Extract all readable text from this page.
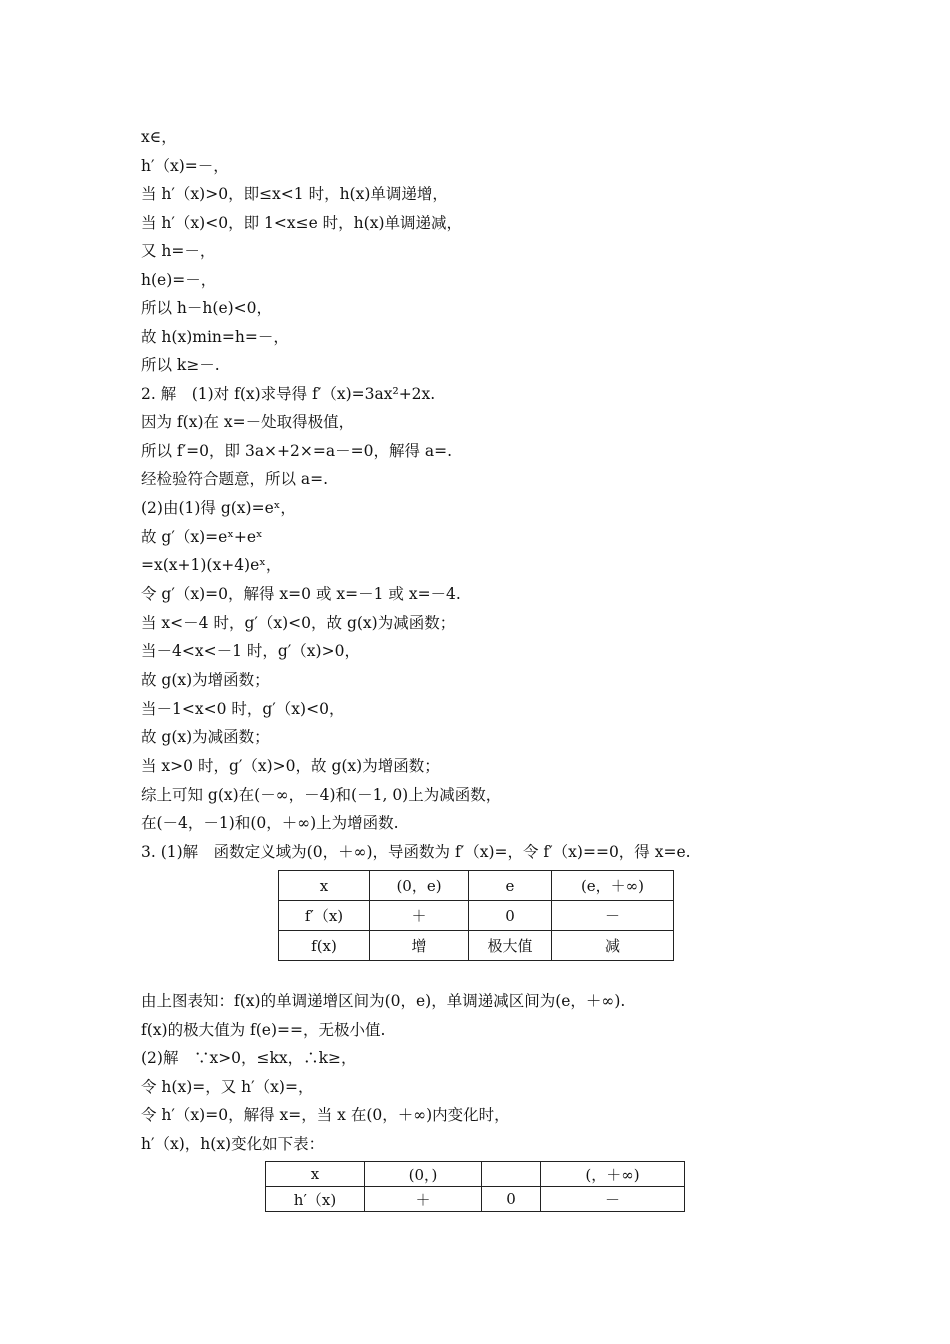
x∈，
h′（x)=－，
当 h′（x)>0，即≤x<1 时，h(x)单调递增，
当 h′（x)<0，即 1<x≤e 时，h(x)单调递减，
又 h=－，
h(e)=－，
所以 h－h(e)<0，
故 h(x)min=h=－，
所以 k≥－.
2. 解　(1)对 f(x)求导得 f′（x)=3ax²+2x.
因为 f(x)在 x=－处取得极值，
所以 f′=0，即 3a×+2×=a－=0，解得 a=.
经检验符合题意，所以 a=.
(2)由(1)得 g(x)=eˣ，
故 g′（x)=eˣ+eˣ
=x(x+1)(x+4)eˣ，
令 g′（x)=0，解得 x=0 或 x=－1 或 x=－4.
当 x<－4 时，g′（x)<0，故 g(x)为减函数；
当－4<x<－1 时，g′（x)>0，
故 g(x)为增函数；
当－1<x<0 时，g′（x)<0，
故 g(x)为减函数；
当 x>0 时，g′（x)>0，故 g(x)为增函数；
综上可知 g(x)在(－∞，－4)和(－1, 0)上为减函数，
在(－4，－1)和(0，＋∞)上为增函数.
3. (1)解　函数定义域为(0，＋∞)，导函数为 f′（x)=，令 f′（x)==0，得 x=e.
x	(0，e)	e	(e，＋∞)
f′（x)	＋	0	－
f(x)	增	极大值	减
由上图表知：f(x)的单调递增区间为(0，e)，单调递减区间为(e，＋∞).
f(x)的极大值为 f(e)==，无极小值.
(2)解　∵x>0，≤kx，∴k≥，
令 h(x)=，又 h′（x)=，
令 h′（x)=0，解得 x=，当 x 在(0，＋∞)内变化时，
h′（x)，h(x)变化如下表：
x	(0，)		(，＋∞)
h′（x)	＋	0	－
